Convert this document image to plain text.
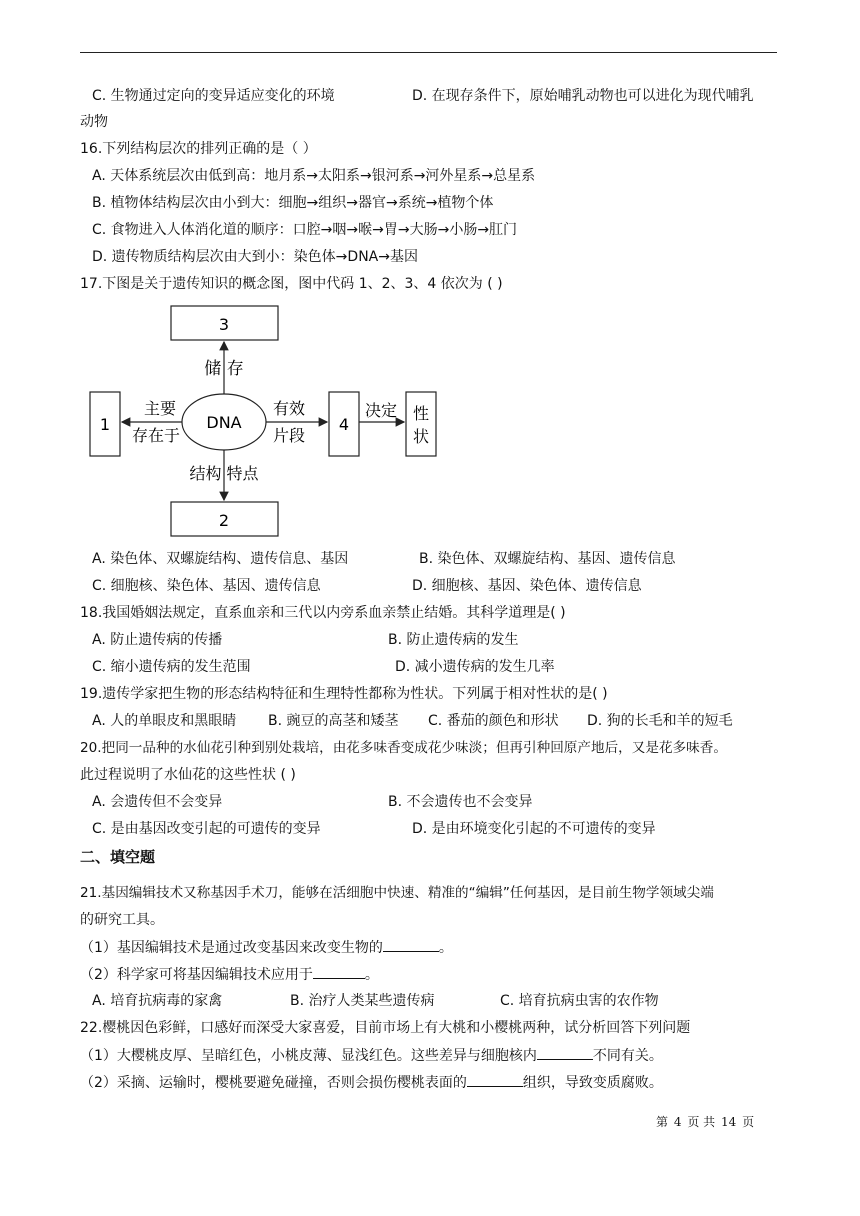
C. 生物通过定向的变异适应变化的环境	D. 在现存条件下，原始哺乳动物也可以进化为现代哺乳
动物
16.下列结构层次的排列正确的是（ ）
A. 天体系统层次由低到高：地月系→太阳系→银河系→河外星系→总星系
B. 植物体结构层次由小到大：细胞→组织→器官→系统→植物个体
C. 食物进入人体消化道的顺序：口腔→咽→喉→胃→大肠→小肠→肛门
D. 遗传物质结构层次由大到小：染色体→DNA→基因
17.下图是关于遗传知识的概念图，图中代码 1、2、3、4 依次为 ( )
3
2
1	4
性
状
DNA
储 存
主要
存在于
有效
片段
决定
结构 特点
A. 染色体、双螺旋结构、遗传信息、基因	B. 染色体、双螺旋结构、基因、遗传信息
C. 细胞核、染色体、基因、遗传信息	D. 细胞核、基因、染色体、遗传信息
18.我国婚姻法规定，直系血亲和三代以内旁系血亲禁止结婚。其科学道理是( )
A. 防止遗传病的传播	B. 防止遗传病的发生
C. 缩小遗传病的发生范围	D. 减小遗传病的发生几率
19.遗传学家把生物的形态结构特征和生理特性都称为性状。下列属于相对性状的是( )
A. 人的单眼皮和黑眼睛 B. 豌豆的高茎和矮茎 C. 番茄的颜色和形状 D. 狗的长毛和羊的短毛
20.把同一品种的水仙花引种到别处栽培，由花多味香变成花少味淡；但再引种回原产地后，又是花多味香。
此过程说明了水仙花的这些性状 ( )
A. 会遗传但不会变异	B. 不会遗传也不会变异
C. 是由基因改变引起的可遗传的变异	D. 是由环境变化引起的不可遗传的变异
二、填空题
21.基因编辑技术又称基因手术刀，能够在活细胞中快速、精准的“编辑”任何基因，是目前生物学领域尖端
的研究工具。
（1）基因编辑技术是通过改变基因来改变生物的	。
（2）科学家可将基因编辑技术应用于	。
A. 培育抗病毒的家禽	B. 治疗人类某些遗传病	C. 培育抗病虫害的农作物
22.樱桃因色彩鲜，口感好而深受大家喜爱，目前市场上有大桃和小樱桃两种，试分析回答下列问题
（1）大樱桃皮厚、呈暗红色，小桃皮薄、显浅红色。这些差异与细胞核内	不同有关。
（2）采摘、运输时，樱桃要避免碰撞，否则会损伤樱桃表面的	组织，导致变质腐败。
第 4 页 共 14 页
